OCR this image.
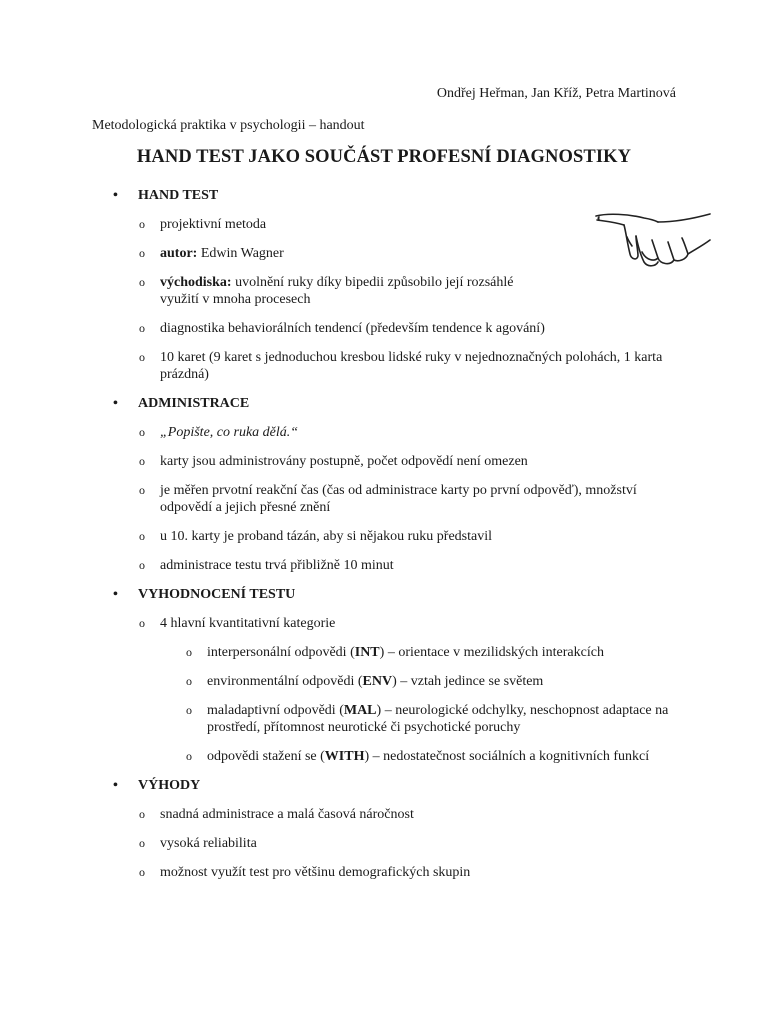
Ondřej Heřman, Jan Kříž, Petra Martinová
Metodologická praktika v psychologii – handout
HAND TEST JAKO SOUČÁST PROFESNÍ DIAGNOSTIKY
• HAND TEST
o projektivní metoda
o autor: Edwin Wagner
o východiska: uvolnění ruky díky bipedii způsobilo její rozsáhlé využití v mnoha procesech
o diagnostika behaviorálních tendencí (především tendence k agování)
o 10 karet (9 karet s jednoduchou kresbou lidské ruky v nejednoznačných polohách, 1 karta prázdná)
• ADMINISTRACE
o „Popište, co ruka dělá.“
o karty jsou administrovány postupně, počet odpovědí není omezen
o je měřen prvotní reakční čas (čas od administrace karty po první odpověď), množství odpovědí a jejich přesné znění
o u 10. karty je proband tázán, aby si nějakou ruku představil
o administrace testu trvá přibližně 10 minut
• VYHODNOCENÍ TESTU
o 4 hlavní kvantitativní kategorie
o interpersonální odpovědi (INT) – orientace v mezilidských interakcích
o environmentální odpovědi (ENV) – vztah jedince se světem
o maladaptivní odpovědi (MAL) – neurologické odchylky, neschopnost adaptace na prostředí, přítomnost neurotické či psychotické poruchy
o odpovědi stažení se (WITH) – nedostatečnost sociálních a kognitivních funkcí
• VÝHODY
o snadná administrace a malá časová náročnost
o vysoká reliabilita
o možnost využít test pro většinu demografických skupin
